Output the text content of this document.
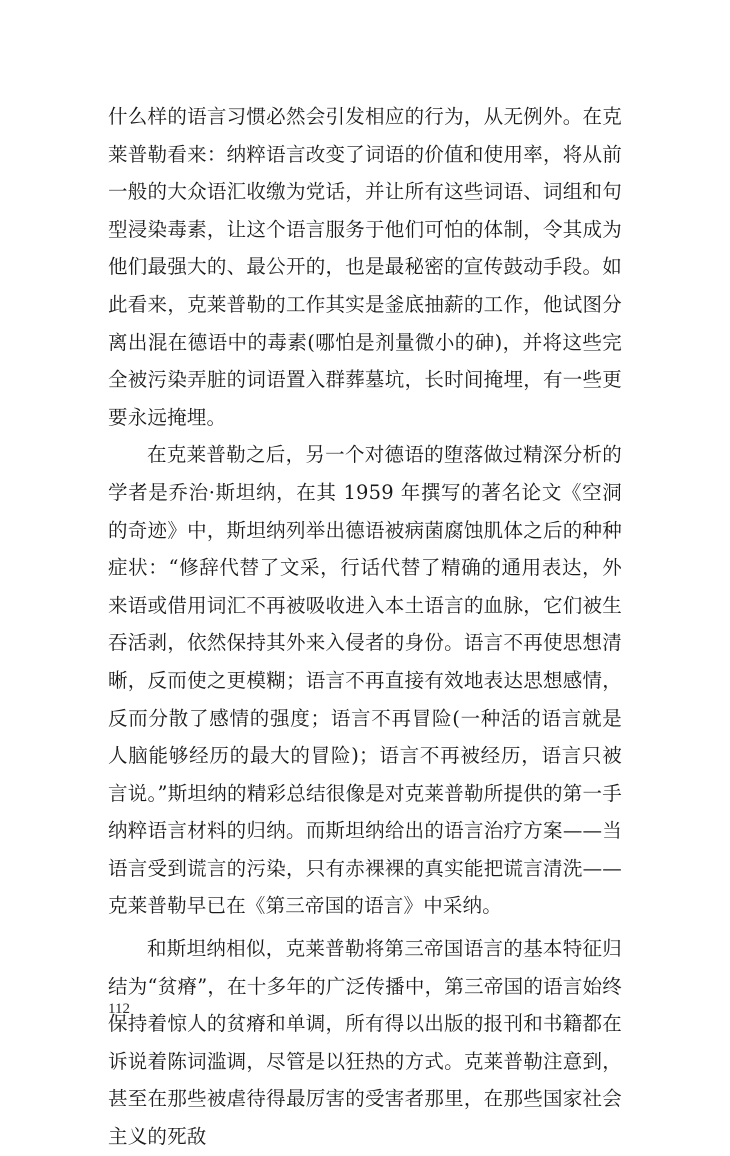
什么样的语言习惯必然会引发相应的行为，从无例外。在克莱普勒看来：纳粹语言改变了词语的价值和使用率，将从前一般的大众语汇收缴为党话，并让所有这些词语、词组和句型浸染毒素，让这个语言服务于他们可怕的体制，令其成为他们最强大的、最公开的，也是最秘密的宣传鼓动手段。如此看来，克莱普勒的工作其实是釜底抽薪的工作，他试图分离出混在德语中的毒素(哪怕是剂量微小的砷)，并将这些完全被污染弄脏的词语置入群葬墓坑，长时间掩埋，有一些更要永远掩埋。

在克莱普勒之后，另一个对德语的堕落做过精深分析的学者是乔治·斯坦纳，在其 1959 年撰写的著名论文《空洞的奇迹》中，斯坦纳列举出德语被病菌腐蚀肌体之后的种种症状：“修辞代替了文采，行话代替了精确的通用表达，外来语或借用词汇不再被吸收进入本土语言的血脉，它们被生吞活剥，依然保持其外来入侵者的身份。语言不再使思想清晰，反而使之更模糊；语言不再直接有效地表达思想感情，反而分散了感情的强度；语言不再冒险(一种活的语言就是人脑能够经历的最大的冒险)；语言不再被经历，语言只被言说。”斯坦纳的精彩总结很像是对克莱普勒所提供的第一手纳粹语言材料的归纳。而斯坦纳给出的语言治疗方案——当语言受到谎言的污染，只有赤裸裸的真实能把谎言清洗——克莱普勒早已在《第三帝国的语言》中采纳。

和斯坦纳相似，克莱普勒将第三帝国语言的基本特征归结为“贫瘠”，在十多年的广泛传播中，第三帝国的语言始终保持着惊人的贫瘠和单调，所有得以出版的报刊和书籍都在诉说着陈词滥调，尽管是以狂热的方式。克莱普勒注意到，甚至在那些被虐待得最厉害的受害者那里，在那些国家社会主义的死敌

112
